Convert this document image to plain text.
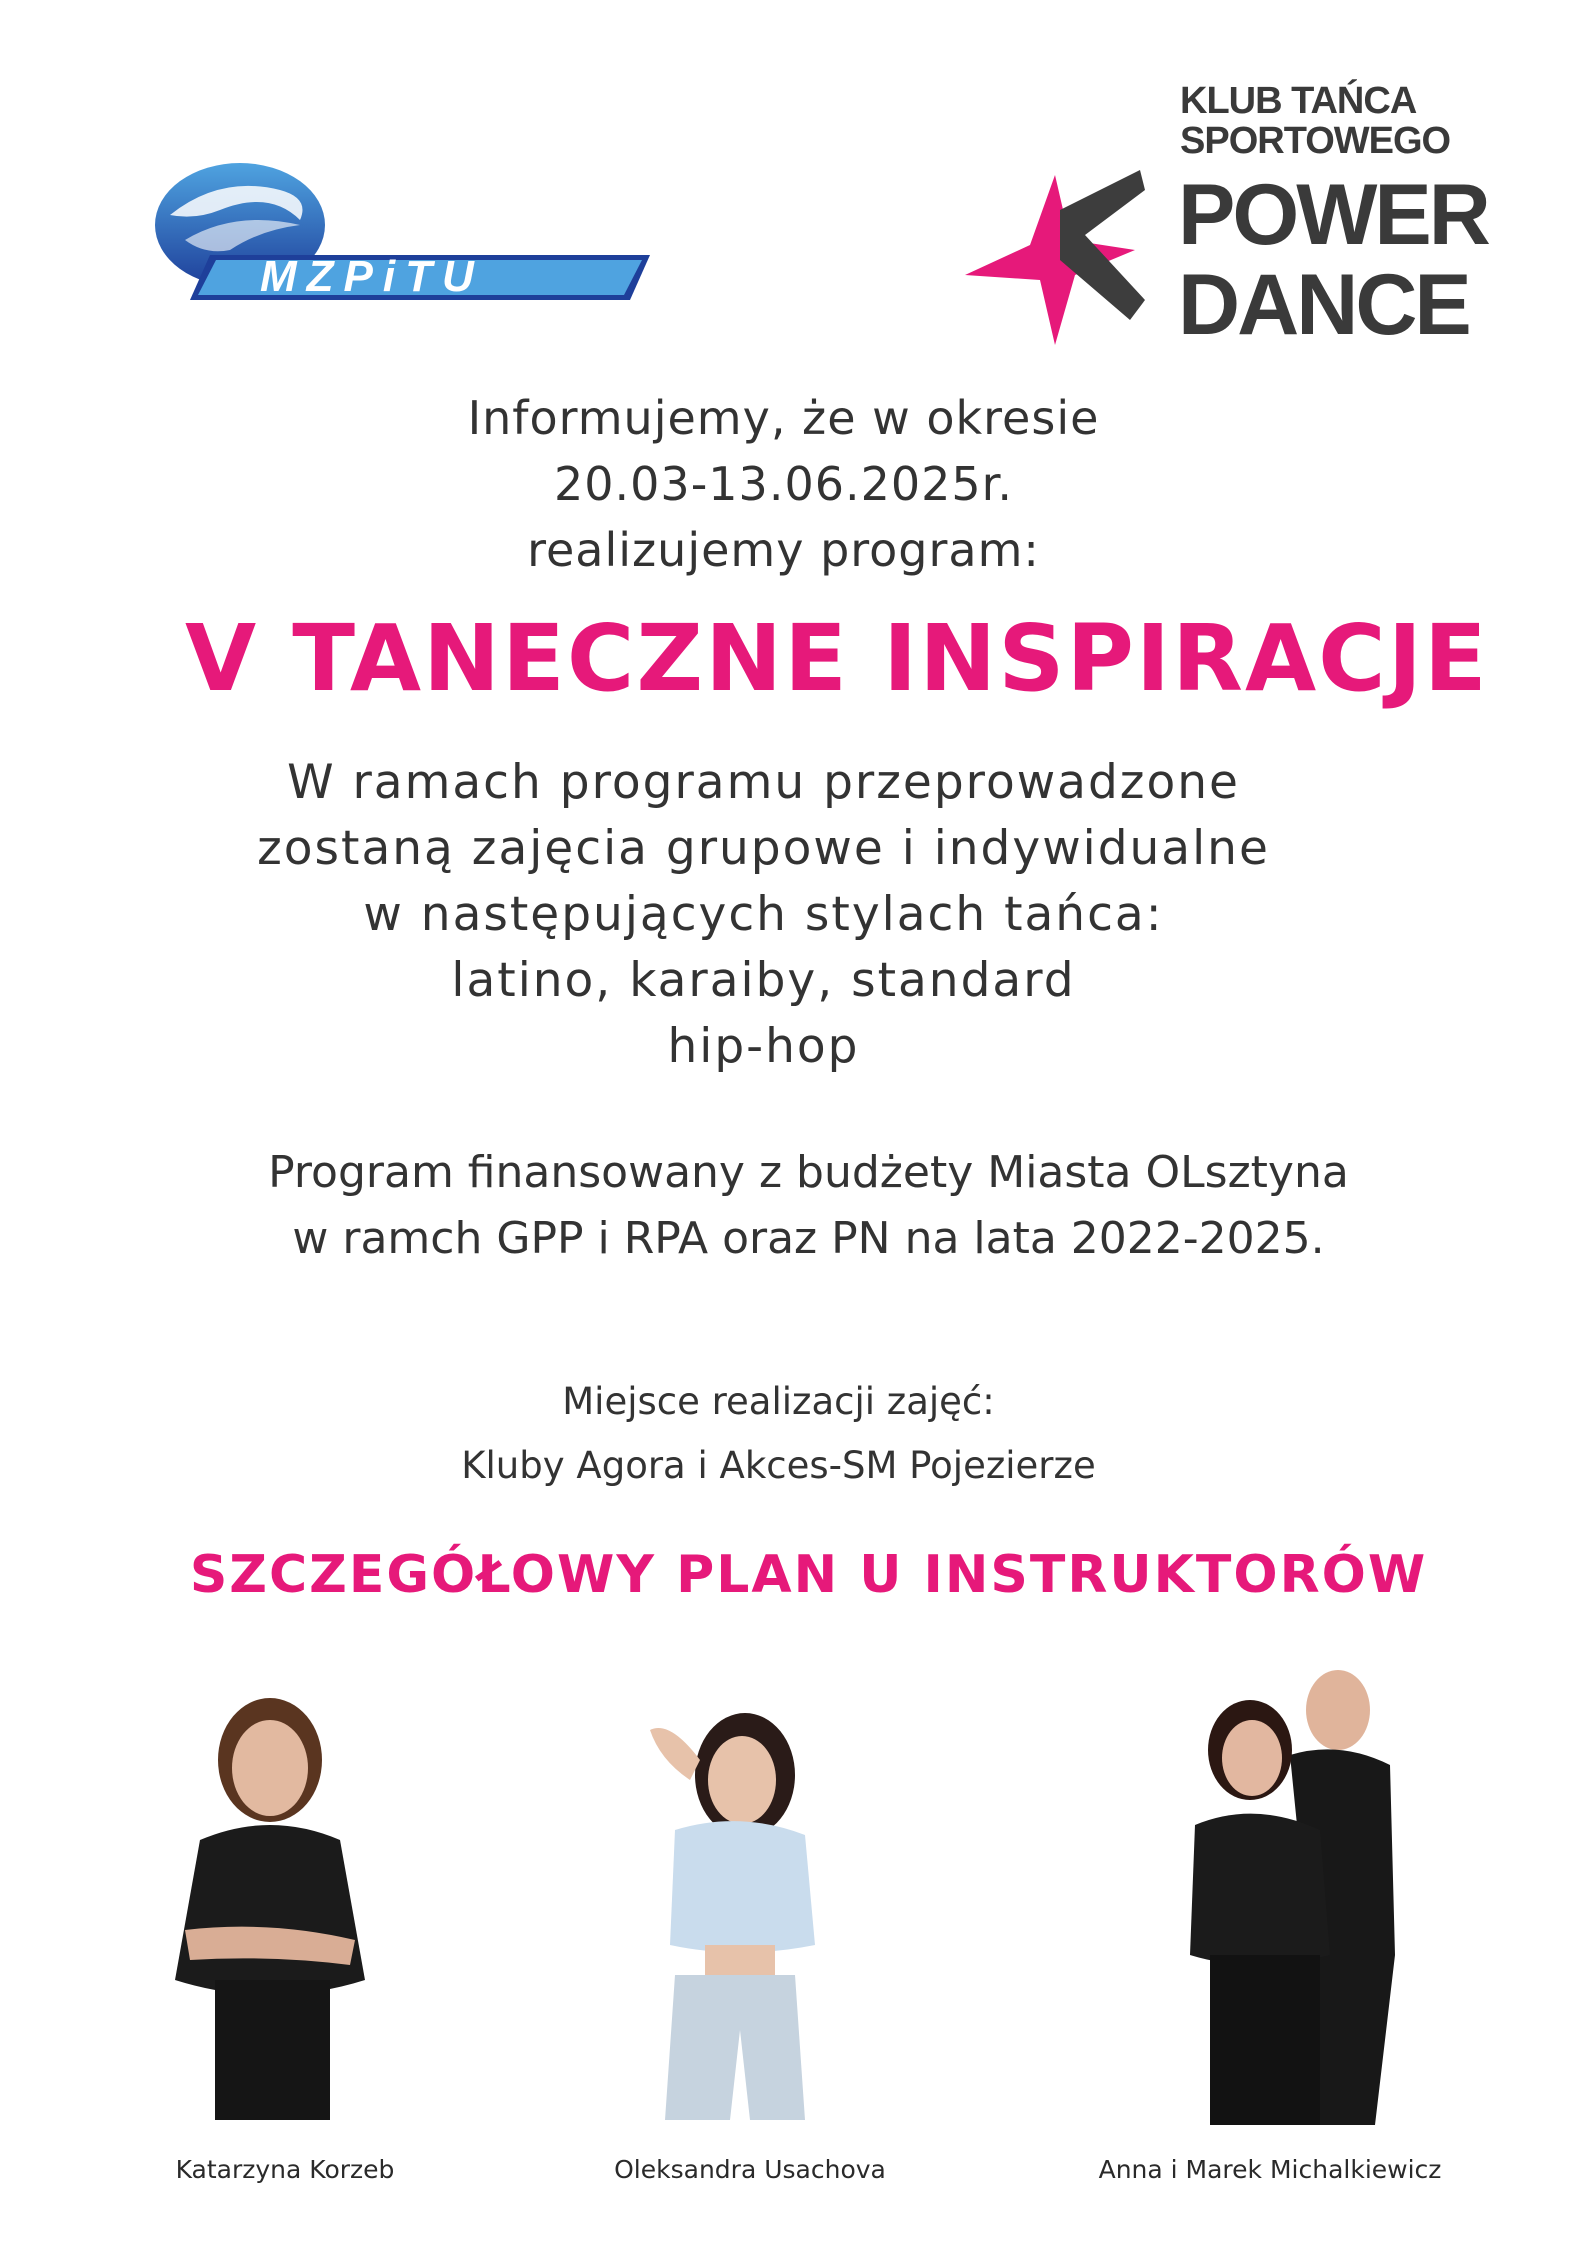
MZPiTU
KLUB TAŃCA
SPORTOWEGO
POWER
DANCE
Informujemy, że w okresie
20.03-13.06.2025r.
realizujemy program:
V TANECZNE INSPIRACJE
W ramach programu przeprowadzone
zostaną zajęcia grupowe i indywidualne
w następujących stylach tańca:
latino, karaiby, standard
hip-hop
Program finansowany z budżety Miasta OLsztyna
w ramch GPP i RPA oraz PN na lata 2022-2025.
Miejsce realizacji zajęć:
Kluby Agora i Akces-SM Pojezierze
SZCZEGÓŁOWY PLAN U INSTRUKTORÓW
Katarzyna Korzeb	Oleksandra Usachova	Anna i Marek Michalkiewicz
